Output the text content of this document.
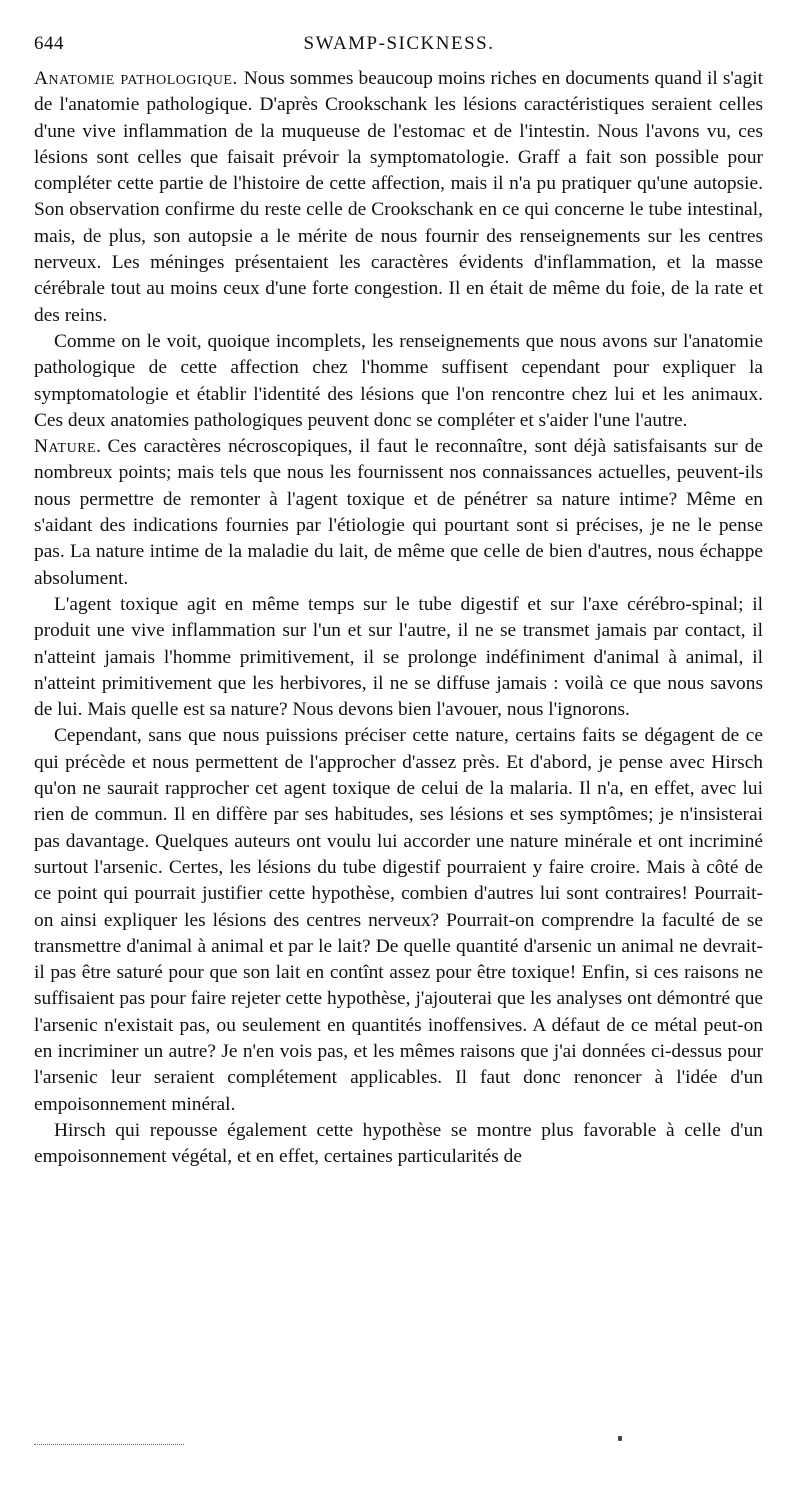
644	SWAMP-SICKNESS.

Anatomie pathologique. Nous sommes beaucoup moins riches en documents quand il s'agit de l'anatomie pathologique. D'après Crookschank les lésions caractéristiques seraient celles d'une vive inflammation de la muqueuse de l'estomac et de l'intestin. Nous l'avons vu, ces lésions sont celles que faisait prévoir la symptomatologie. Graff a fait son possible pour compléter cette partie de l'histoire de cette affection, mais il n'a pu pratiquer qu'une autopsie. Son observation confirme du reste celle de Crookschank en ce qui concerne le tube intestinal, mais, de plus, son autopsie a le mérite de nous fournir des renseignements sur les centres nerveux. Les méninges présentaient les caractères évidents d'inflammation, et la masse cérébrale tout au moins ceux d'une forte congestion. Il en était de même du foie, de la rate et des reins.

Comme on le voit, quoique incomplets, les renseignements que nous avons sur l'anatomie pathologique de cette affection chez l'homme suffisent cependant pour expliquer la symptomatologie et établir l'identité des lésions que l'on rencontre chez lui et les animaux. Ces deux anatomies pathologiques peuvent donc se compléter et s'aider l'une l'autre.

Nature. Ces caractères nécroscopiques, il faut le reconnaître, sont déjà satisfaisants sur de nombreux points; mais tels que nous les fournissent nos connaissances actuelles, peuvent-ils nous permettre de remonter à l'agent toxique et de pénétrer sa nature intime? Même en s'aidant des indications fournies par l'étiologie qui pourtant sont si précises, je ne le pense pas. La nature intime de la maladie du lait, de même que celle de bien d'autres, nous échappe absolument.

L'agent toxique agit en même temps sur le tube digestif et sur l'axe cérébro-spinal; il produit une vive inflammation sur l'un et sur l'autre, il ne se transmet jamais par contact, il n'atteint jamais l'homme primitivement, il se prolonge indéfiniment d'animal à animal, il n'atteint primitivement que les herbivores, il ne se diffuse jamais : voilà ce que nous savons de lui. Mais quelle est sa nature? Nous devons bien l'avouer, nous l'ignorons.

Cependant, sans que nous puissions préciser cette nature, certains faits se dégagent de ce qui précède et nous permettent de l'approcher d'assez près. Et d'abord, je pense avec Hirsch qu'on ne saurait rapprocher cet agent toxique de celui de la malaria. Il n'a, en effet, avec lui rien de commun. Il en diffère par ses habitudes, ses lésions et ses symptômes; je n'insisterai pas davantage. Quelques auteurs ont voulu lui accorder une nature minérale et ont incriminé surtout l'arsenic. Certes, les lésions du tube digestif pourraient y faire croire. Mais à côté de ce point qui pourrait justifier cette hypothèse, combien d'autres lui sont contraires! Pourrait-on ainsi expliquer les lésions des centres nerveux? Pourrait-on comprendre la faculté de se transmettre d'animal à animal et par le lait? De quelle quantité d'arsenic un animal ne devrait-il pas être saturé pour que son lait en contînt assez pour être toxique! Enfin, si ces raisons ne suffisaient pas pour faire rejeter cette hypothèse, j'ajouterai que les analyses ont démontré que l'arsenic n'existait pas, ou seulement en quantités inoffensives. A défaut de ce métal peut-on en incriminer un autre? Je n'en vois pas, et les mêmes raisons que j'ai données ci-dessus pour l'arsenic leur seraient complétement applicables. Il faut donc renoncer à l'idée d'un empoisonnement minéral.

Hirsch qui repousse également cette hypothèse se montre plus favorable à celle d'un empoisonnement végétal, et en effet, certaines particularités de
